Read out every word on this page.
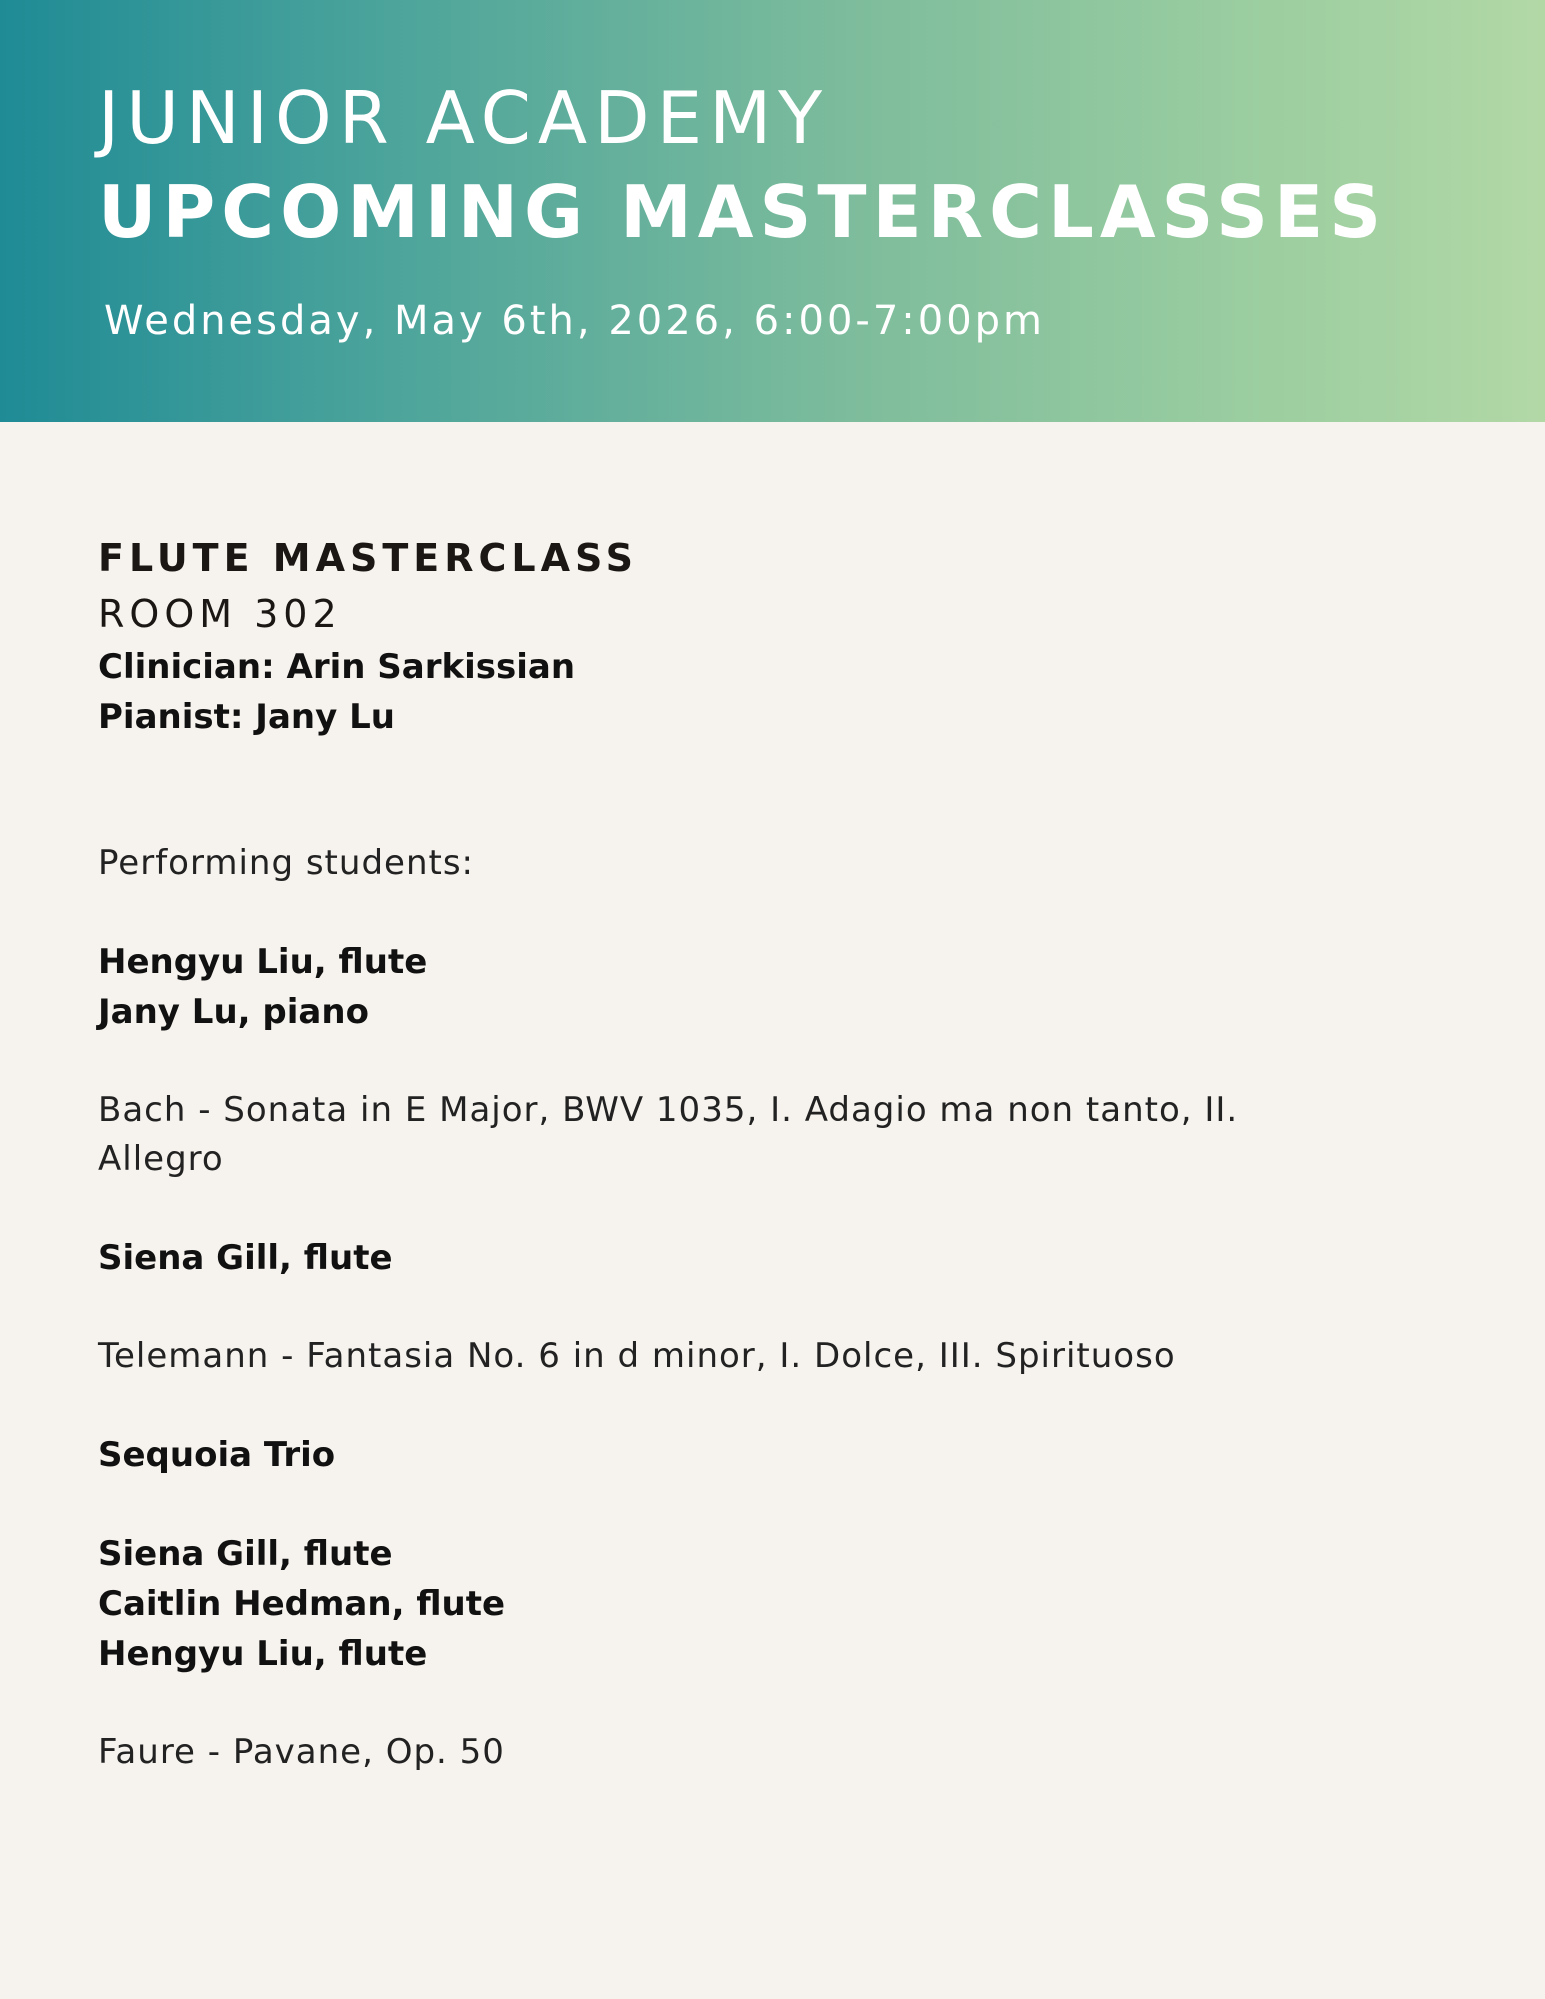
JUNIOR ACADEMY
UPCOMING MASTERCLASSES
Wednesday, May 6th, 2026, 6:00-7:00pm
FLUTE MASTERCLASS
ROOM 302
Clinician: Arin Sarkissian
Pianist: Jany Lu
Performing students:
Hengyu Liu, flute
Jany Lu, piano
Bach - Sonata in E Major, BWV 1035, I. Adagio ma non tanto, II. Allegro
Siena Gill, flute
Telemann - Fantasia No. 6 in d minor, I. Dolce, III. Spirituoso
Sequoia Trio
Siena Gill, flute
Caitlin Hedman, flute
Hengyu Liu, flute
Faure - Pavane, Op. 50
